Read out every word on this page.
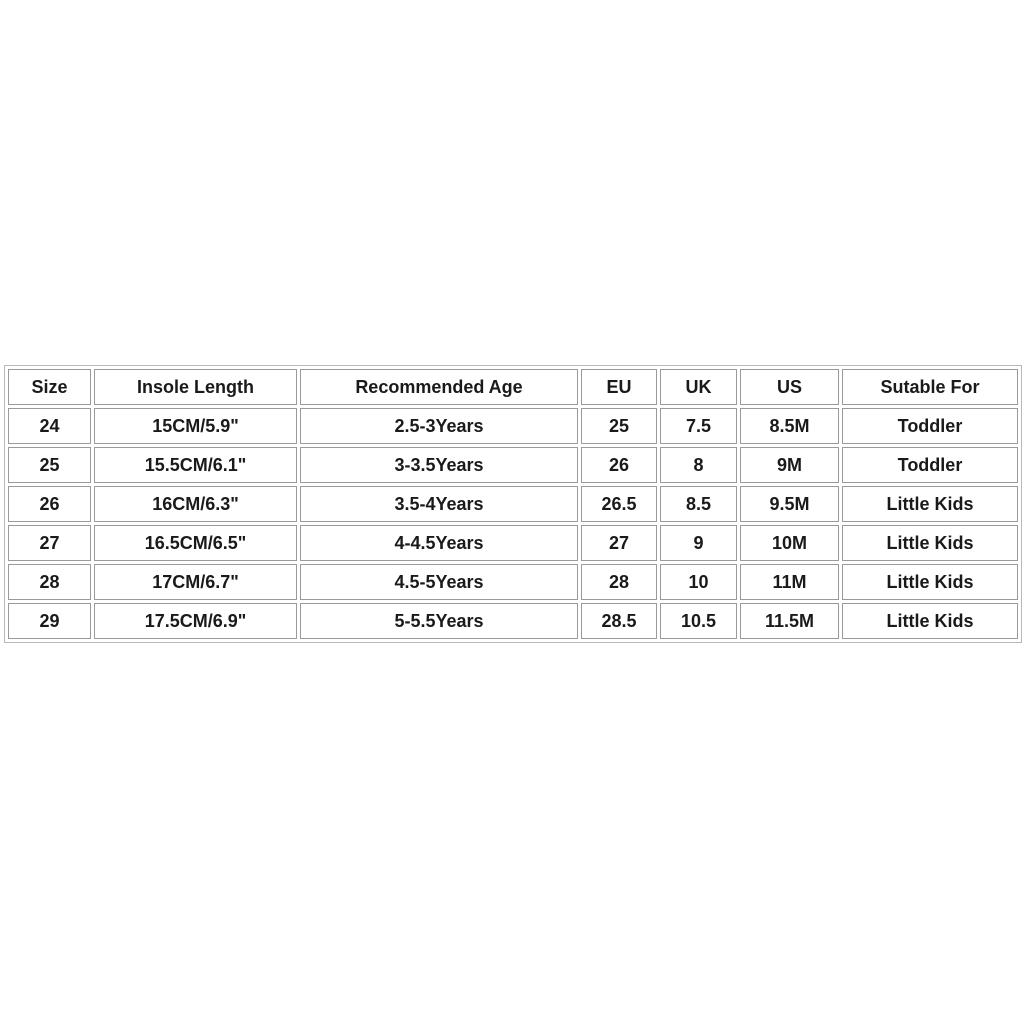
Size	Insole Length	Recommended Age	EU	UK	US	Sutable For
24	15CM/5.9"	2.5-3Years	25	7.5	8.5M	Toddler
25	15.5CM/6.1"	3-3.5Years	26	8	9M	Toddler
26	16CM/6.3"	3.5-4Years	26.5	8.5	9.5M	Little Kids
27	16.5CM/6.5"	4-4.5Years	27	9	10M	Little Kids
28	17CM/6.7"	4.5-5Years	28	10	11M	Little Kids
29	17.5CM/6.9"	5-5.5Years	28.5	10.5	11.5M	Little Kids
